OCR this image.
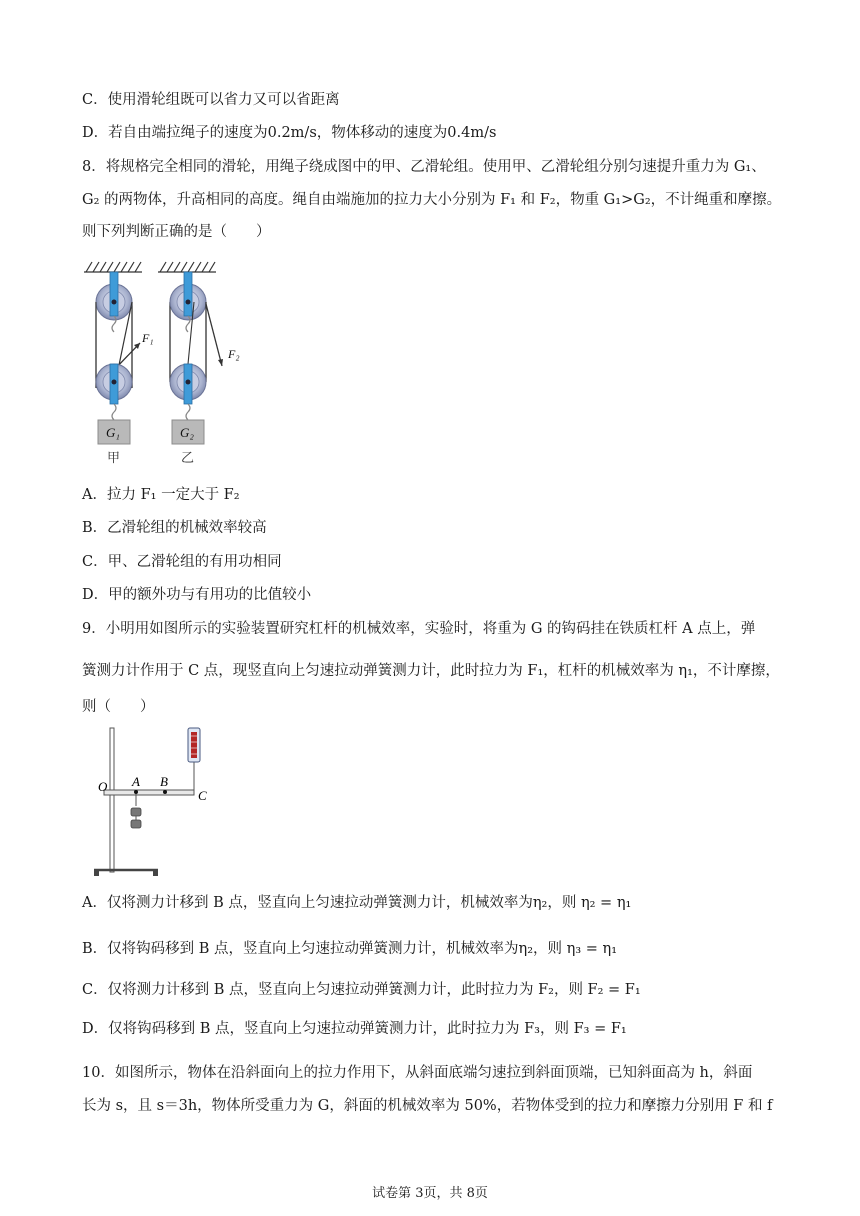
C．使用滑轮组既可以省力又可以省距离
D．若自由端拉绳子的速度为0.2m/s，物体移动的速度为0.4m/s
8．将规格完全相同的滑轮，用绳子绕成图中的甲、乙滑轮组。使用甲、乙滑轮组分别匀速提升重力为 G₁、
G₂ 的两物体，升高相同的高度。绳自由端施加的拉力大小分别为 F₁ 和 F₂，物重 G₁>G₂，不计绳重和摩擦。
则下列判断正确的是（　　）
F₁
G₁
甲
F₂
G₂
乙
A．拉力 F₁ 一定大于 F₂
B．乙滑轮组的机械效率较高
C．甲、乙滑轮组的有用功相同
D．甲的额外功与有用功的比值较小
9．小明用如图所示的实验装置研究杠杆的机械效率，实验时，将重为 G 的钩码挂在铁质杠杆 A 点上，弹
簧测力计作用于 C 点，现竖直向上匀速拉动弹簧测力计，此时拉力为 F₁，杠杆的机械效率为 η₁，不计摩擦，
则（　　）
O A B
C
A．仅将测力计移到 B 点，竖直向上匀速拉动弹簧测力计，机械效率为η₂，则 η₂ = η₁
B．仅将钩码移到 B 点，竖直向上匀速拉动弹簧测力计，机械效率为η₂，则 η₃ = η₁
C．仅将测力计移到 B 点，竖直向上匀速拉动弹簧测力计，此时拉力为 F₂，则 F₂ = F₁
D．仅将钩码移到 B 点，竖直向上匀速拉动弹簧测力计，此时拉力为 F₃，则 F₃ = F₁
10．如图所示，物体在沿斜面向上的拉力作用下，从斜面底端匀速拉到斜面顶端，已知斜面高为 h，斜面
长为 s，且 s＝3h，物体所受重力为 G，斜面的机械效率为 50%，若物体受到的拉力和摩擦力分别用 F 和 f
试卷第 3页，共 8页
